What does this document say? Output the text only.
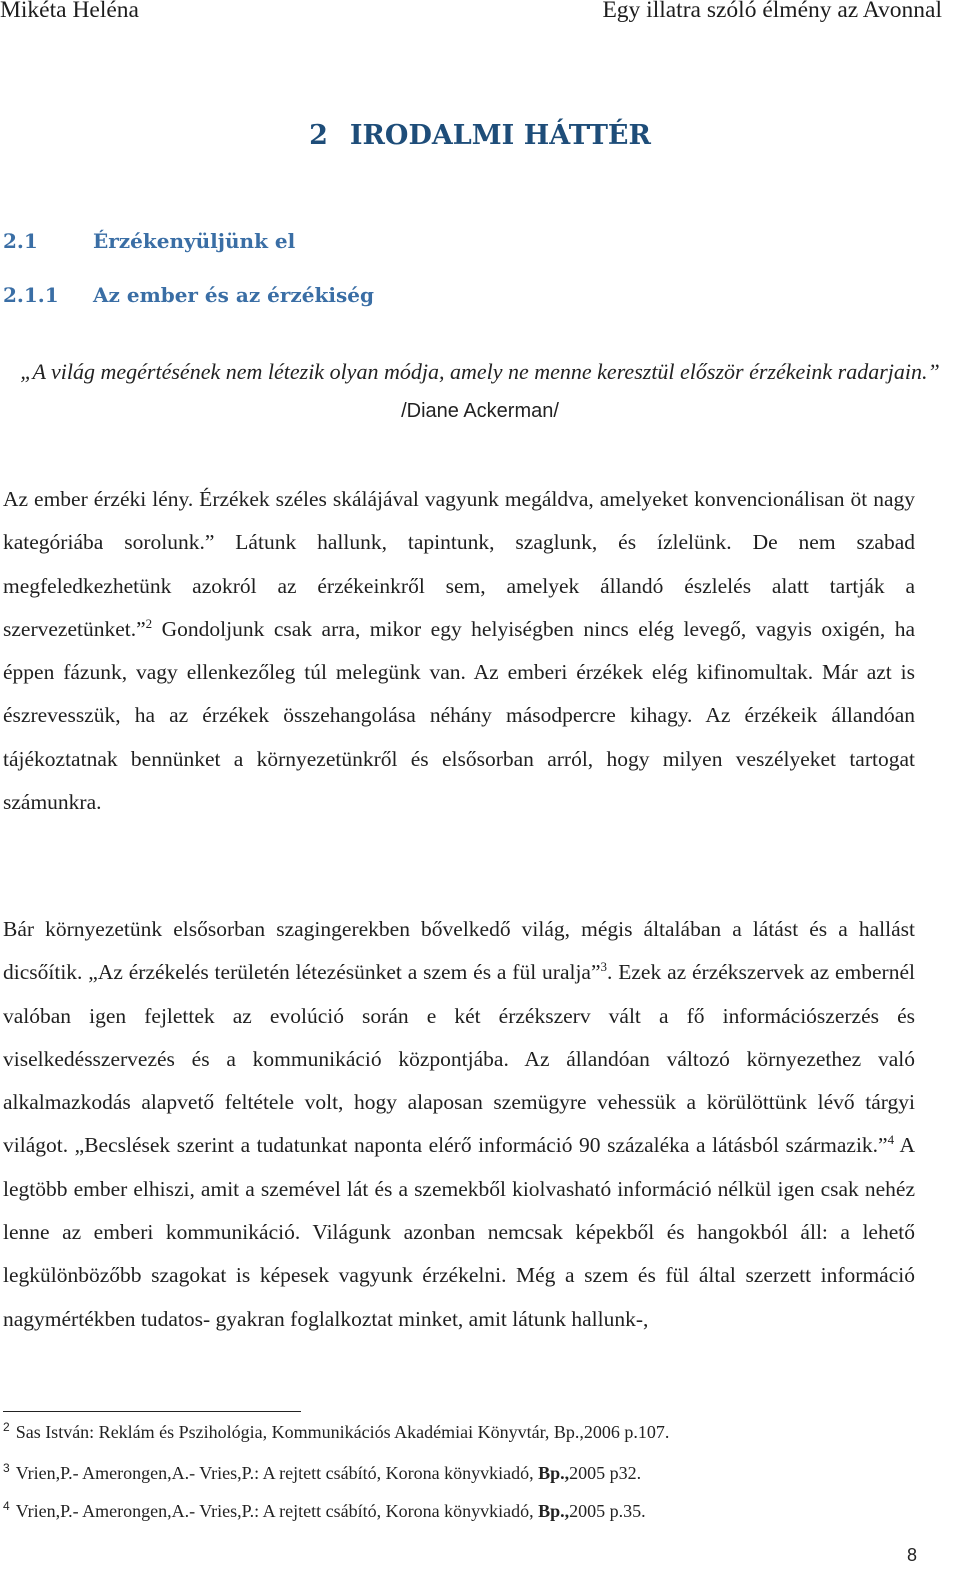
Mikéta Heléna	Egy illatra szóló élmény az Avonnal
2 IRODALMI HÁTTÉR
2.1	Érzékenyüljünk el
2.1.1 Az ember és az érzékiség
„A világ megértésének nem létezik olyan módja, amely ne menne keresztül először érzékeink radarjain.” /Diane Ackerman/
Az ember érzéki lény. Érzékek széles skálájával vagyunk megáldva, amelyeket konvencionálisan öt nagy kategóriába sorolunk.” Látunk hallunk, tapintunk, szaglunk, és ízlelünk. De nem szabad megfeledkezhetünk azokról az érzékeinkről sem, amelyek állandó észlelés alatt tartják a szervezetünket.”$^2$ Gondoljunk csak arra, mikor egy helyiségben nincs elég levegő, vagyis oxigén, ha éppen fázunk, vagy ellenkezőleg túl melegünk van. Az emberi érzékek elég kifinomultak. Már azt is észrevesszük, ha az érzékek összehangolása néhány másodpercre kihagy. Az érzékeik állandóan tájékoztatnak bennünket a környezetünkről és elsősorban arról, hogy milyen veszélyeket tartogat számunkra.
Bár környezetünk elsősorban szagingerekben bővelkedő világ, mégis általában a látást és a hallást dicsőítik. „Az érzékelés területén létezésünket a szem és a fül uralja”$^3$. Ezek az érzékszervek az embernél valóban igen fejlettek az evolúció során e két érzékszerv vált a fő információszerzés és viselkedésszervezés és a kommunikáció központjába. Az állandóan változó környezethez való alkalmazkodás alapvető feltétele volt, hogy alaposan szemügyre vehessük a körülöttünk lévő tárgyi világot. „Becslések szerint a tudatunkat naponta elérő információ 90 százaléka a látásból származik.”$^4$ A legtöbb ember elhiszi, amit a szemével lát és a szemekből kiolvasható információ nélkül igen csak nehéz lenne az emberi kommunikáció. Világunk azonban nemcsak képekből és hangokból áll: a lehető legkülönbözőbb szagokat is képesek vagyunk érzékelni. Még a szem és fül által szerzett információ nagymértékben tudatos- gyakran foglalkoztat minket, amit látunk hallunk-,
$^2$ Sas István: Reklám és Pszihológia, Kommunikációs Akadémiai Könyvtár, Bp.,2006 p.107.
$^3$ Vrien,P.- Amerongen,A.- Vries,P.: A rejtett csábító, Korona könyvkiadó, Bp.,2005 p32.
$^4$ Vrien,P.- Amerongen,A.- Vries,P.: A rejtett csábító, Korona könyvkiadó, Bp.,2005 p.35.
8
